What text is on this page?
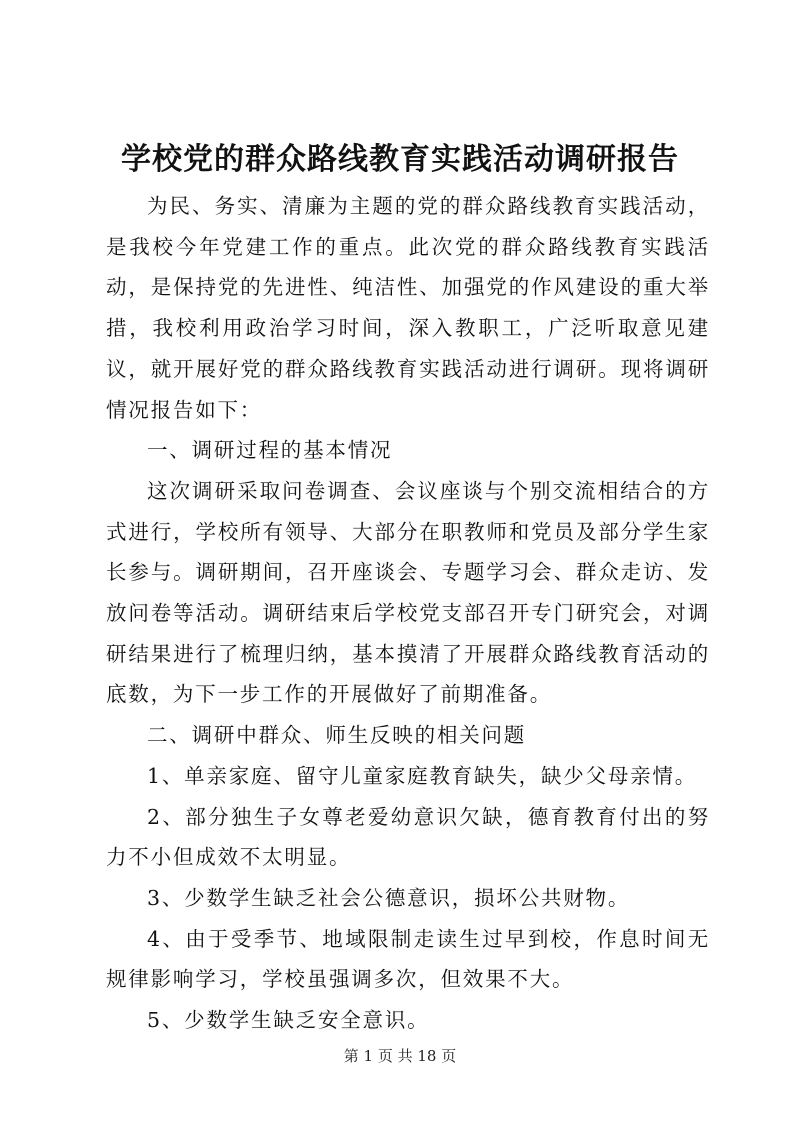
学校党的群众路线教育实践活动调研报告

为民、务实、清廉为主题的党的群众路线教育实践活动，是我校今年党建工作的重点。此次党的群众路线教育实践活动，是保持党的先进性、纯洁性、加强党的作风建设的重大举措，我校利用政治学习时间，深入教职工，广泛听取意见建议，就开展好党的群众路线教育实践活动进行调研。现将调研情况报告如下：

一、调研过程的基本情况

这次调研采取问卷调查、会议座谈与个别交流相结合的方式进行，学校所有领导、大部分在职教师和党员及部分学生家长参与。调研期间，召开座谈会、专题学习会、群众走访、发放问卷等活动。调研结束后学校党支部召开专门研究会，对调研结果进行了梳理归纳，基本摸清了开展群众路线教育活动的底数，为下一步工作的开展做好了前期准备。

二、调研中群众、师生反映的相关问题

1、单亲家庭、留守儿童家庭教育缺失，缺少父母亲情。

2、部分独生子女尊老爱幼意识欠缺，德育教育付出的努力不小但成效不太明显。

3、少数学生缺乏社会公德意识，损坏公共财物。

4、由于受季节、地域限制走读生过早到校，作息时间无规律影响学习，学校虽强调多次，但效果不大。

5、少数学生缺乏安全意识。

第 1 页 共 18 页
